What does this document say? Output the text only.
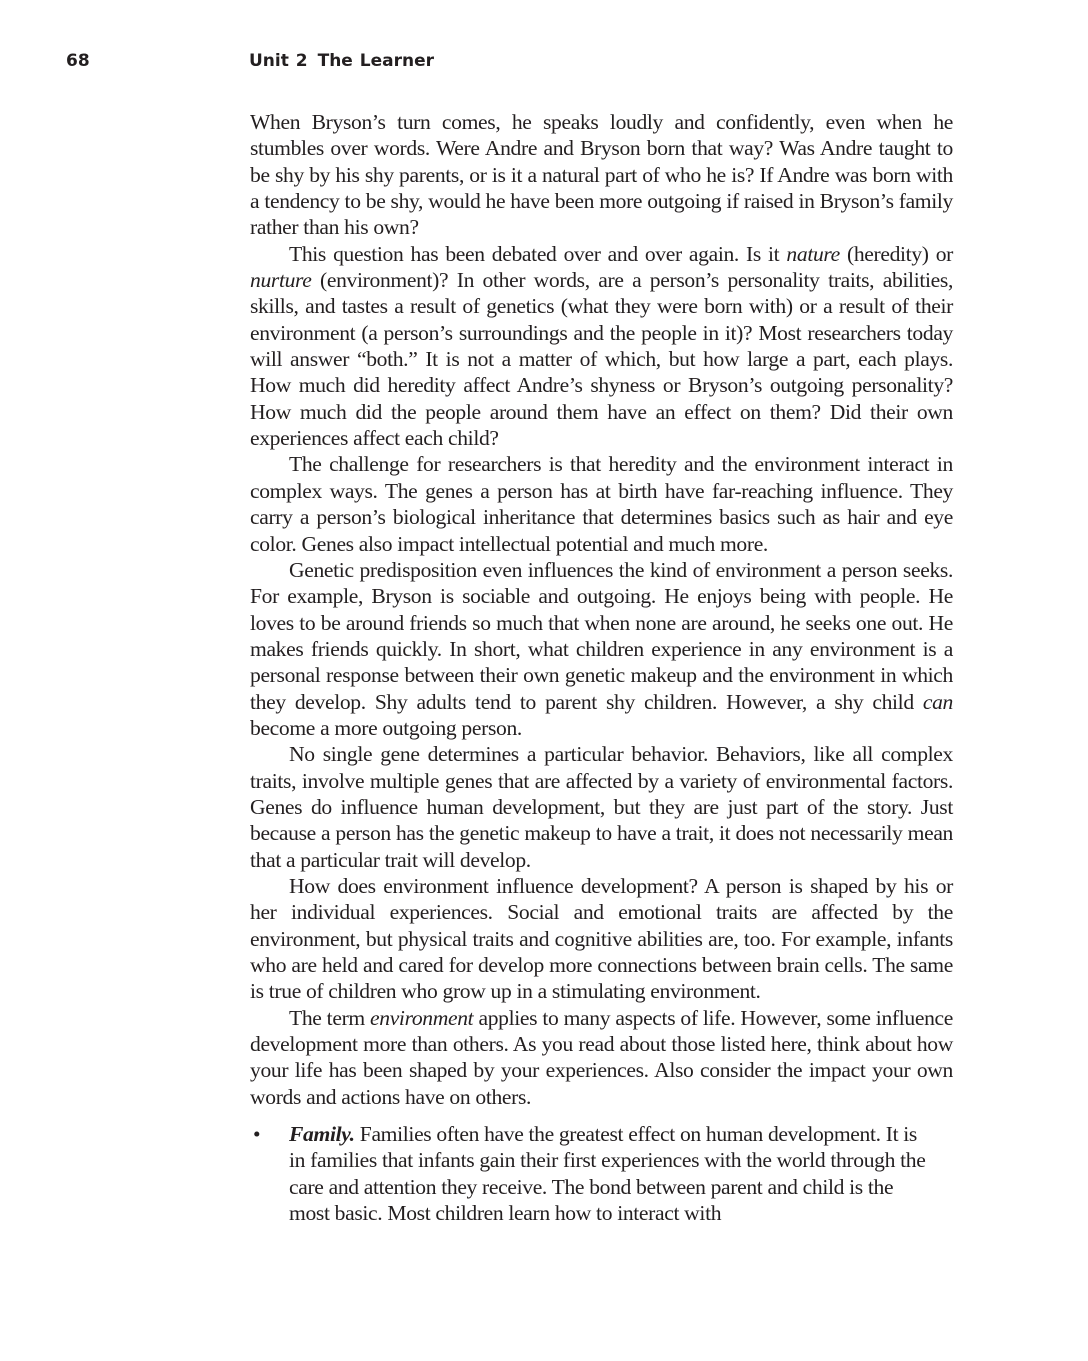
68	Unit 2 The Learner

When Bryson’s turn comes, he speaks loudly and confidently, even when he stumbles over words. Were Andre and Bryson born that way? Was Andre taught to be shy by his shy parents, or is it a natural part of who he is? If Andre was born with a tendency to be shy, would he have been more outgoing if raised in Bryson’s family rather than his own?

This question has been debated over and over again. Is it nature (heredity) or nurture (environment)? In other words, are a person’s personality traits, abilities, skills, and tastes a result of genetics (what they were born with) or a result of their environment (a person’s surroundings and the people in it)? Most researchers today will answer “both.” It is not a matter of which, but how large a part, each plays. How much did heredity affect Andre’s shyness or Bryson’s outgoing personality? How much did the people around them have an effect on them? Did their own experiences affect each child?

The challenge for researchers is that heredity and the environment interact in complex ways. The genes a person has at birth have far-reaching influence. They carry a person’s biological inheritance that determines basics such as hair and eye color. Genes also impact intellectual potential and much more.

Genetic predisposition even influences the kind of environment a person seeks. For example, Bryson is sociable and outgoing. He enjoys being with people. He loves to be around friends so much that when none are around, he seeks one out. He makes friends quickly. In short, what children experience in any environment is a personal response between their own genetic makeup and the environment in which they develop. Shy adults tend to parent shy children. However, a shy child can become a more outgoing person.

No single gene determines a particular behavior. Behaviors, like all complex traits, involve multiple genes that are affected by a variety of environmental factors. Genes do influence human development, but they are just part of the story. Just because a person has the genetic makeup to have a trait, it does not necessarily mean that a particular trait will develop.

How does environment influence development? A person is shaped by his or her individual experiences. Social and emotional traits are affected by the environment, but physical traits and cognitive abilities are, too. For example, infants who are held and cared for develop more connections between brain cells. The same is true of children who grow up in a stimulating environment.

The term environment applies to many aspects of life. However, some influence development more than others. As you read about those listed here, think about how your life has been shaped by your experiences. Also consider the impact your own words and actions have on others.

• Family. Families often have the greatest effect on human development. It is in families that infants gain their first experiences with the world through the care and attention they receive. The bond between parent and child is the most basic. Most children learn how to interact with
